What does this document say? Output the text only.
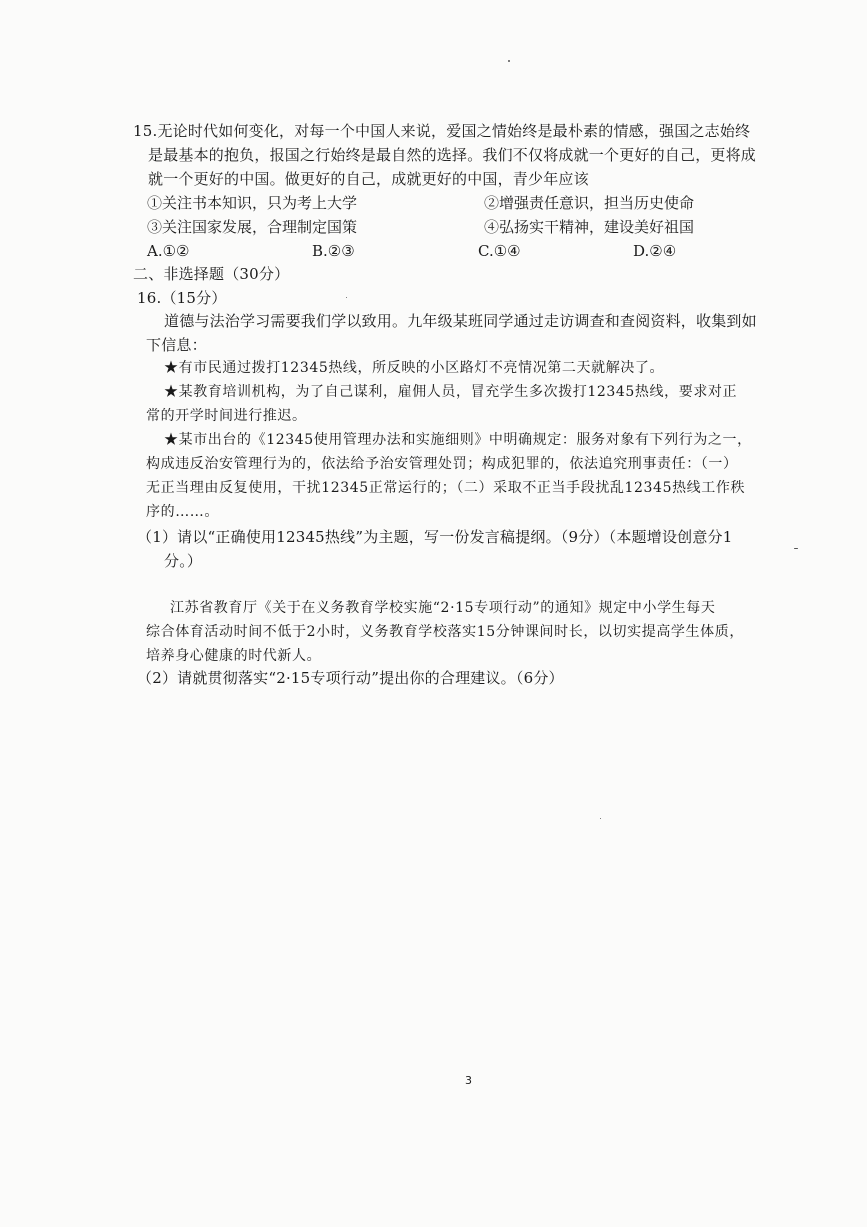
15.无论时代如何变化，对每一个中国人来说，爱国之情始终是最朴素的情感，强国之志始终
是最基本的抱负，报国之行始终是最自然的选择。我们不仅将成就一个更好的自己，更将成
就一个更好的中国。做更好的自己，成就更好的中国，青少年应该
①关注书本知识，只为考上大学	②增强责任意识，担当历史使命
③关注国家发展，合理制定国策	④弘扬实干精神，建设美好祖国
A.①②	B.②③	C.①④	D.②④
二、非选择题（30分）
16.（15分）
道德与法治学习需要我们学以致用。九年级某班同学通过走访调查和查阅资料，收集到如
下信息：
★有市民通过拨打12345热线，所反映的小区路灯不亮情况第二天就解决了。
★某教育培训机构，为了自己谋利，雇佣人员，冒充学生多次拨打12345热线，要求对正
常的开学时间进行推迟。
★某市出台的《12345使用管理办法和实施细则》中明确规定：服务对象有下列行为之一，
构成违反治安管理行为的，依法给予治安管理处罚；构成犯罪的，依法追究刑事责任：（一）
无正当理由反复使用，干扰12345正常运行的；（二）采取不正当手段扰乱12345热线工作秩
序的……。
（1）请以“正确使用12345热线”为主题，写一份发言稿提纲。（9分）（本题增设创意分1
分。）
江苏省教育厅《关于在义务教育学校实施“2·15专项行动”的通知》规定中小学生每天
综合体育活动时间不低于2小时，义务教育学校落实15分钟课间时长，以切实提高学生体质，
培养身心健康的时代新人。
（2）请就贯彻落实“2·15专项行动”提出你的合理建议。（6分）
3
